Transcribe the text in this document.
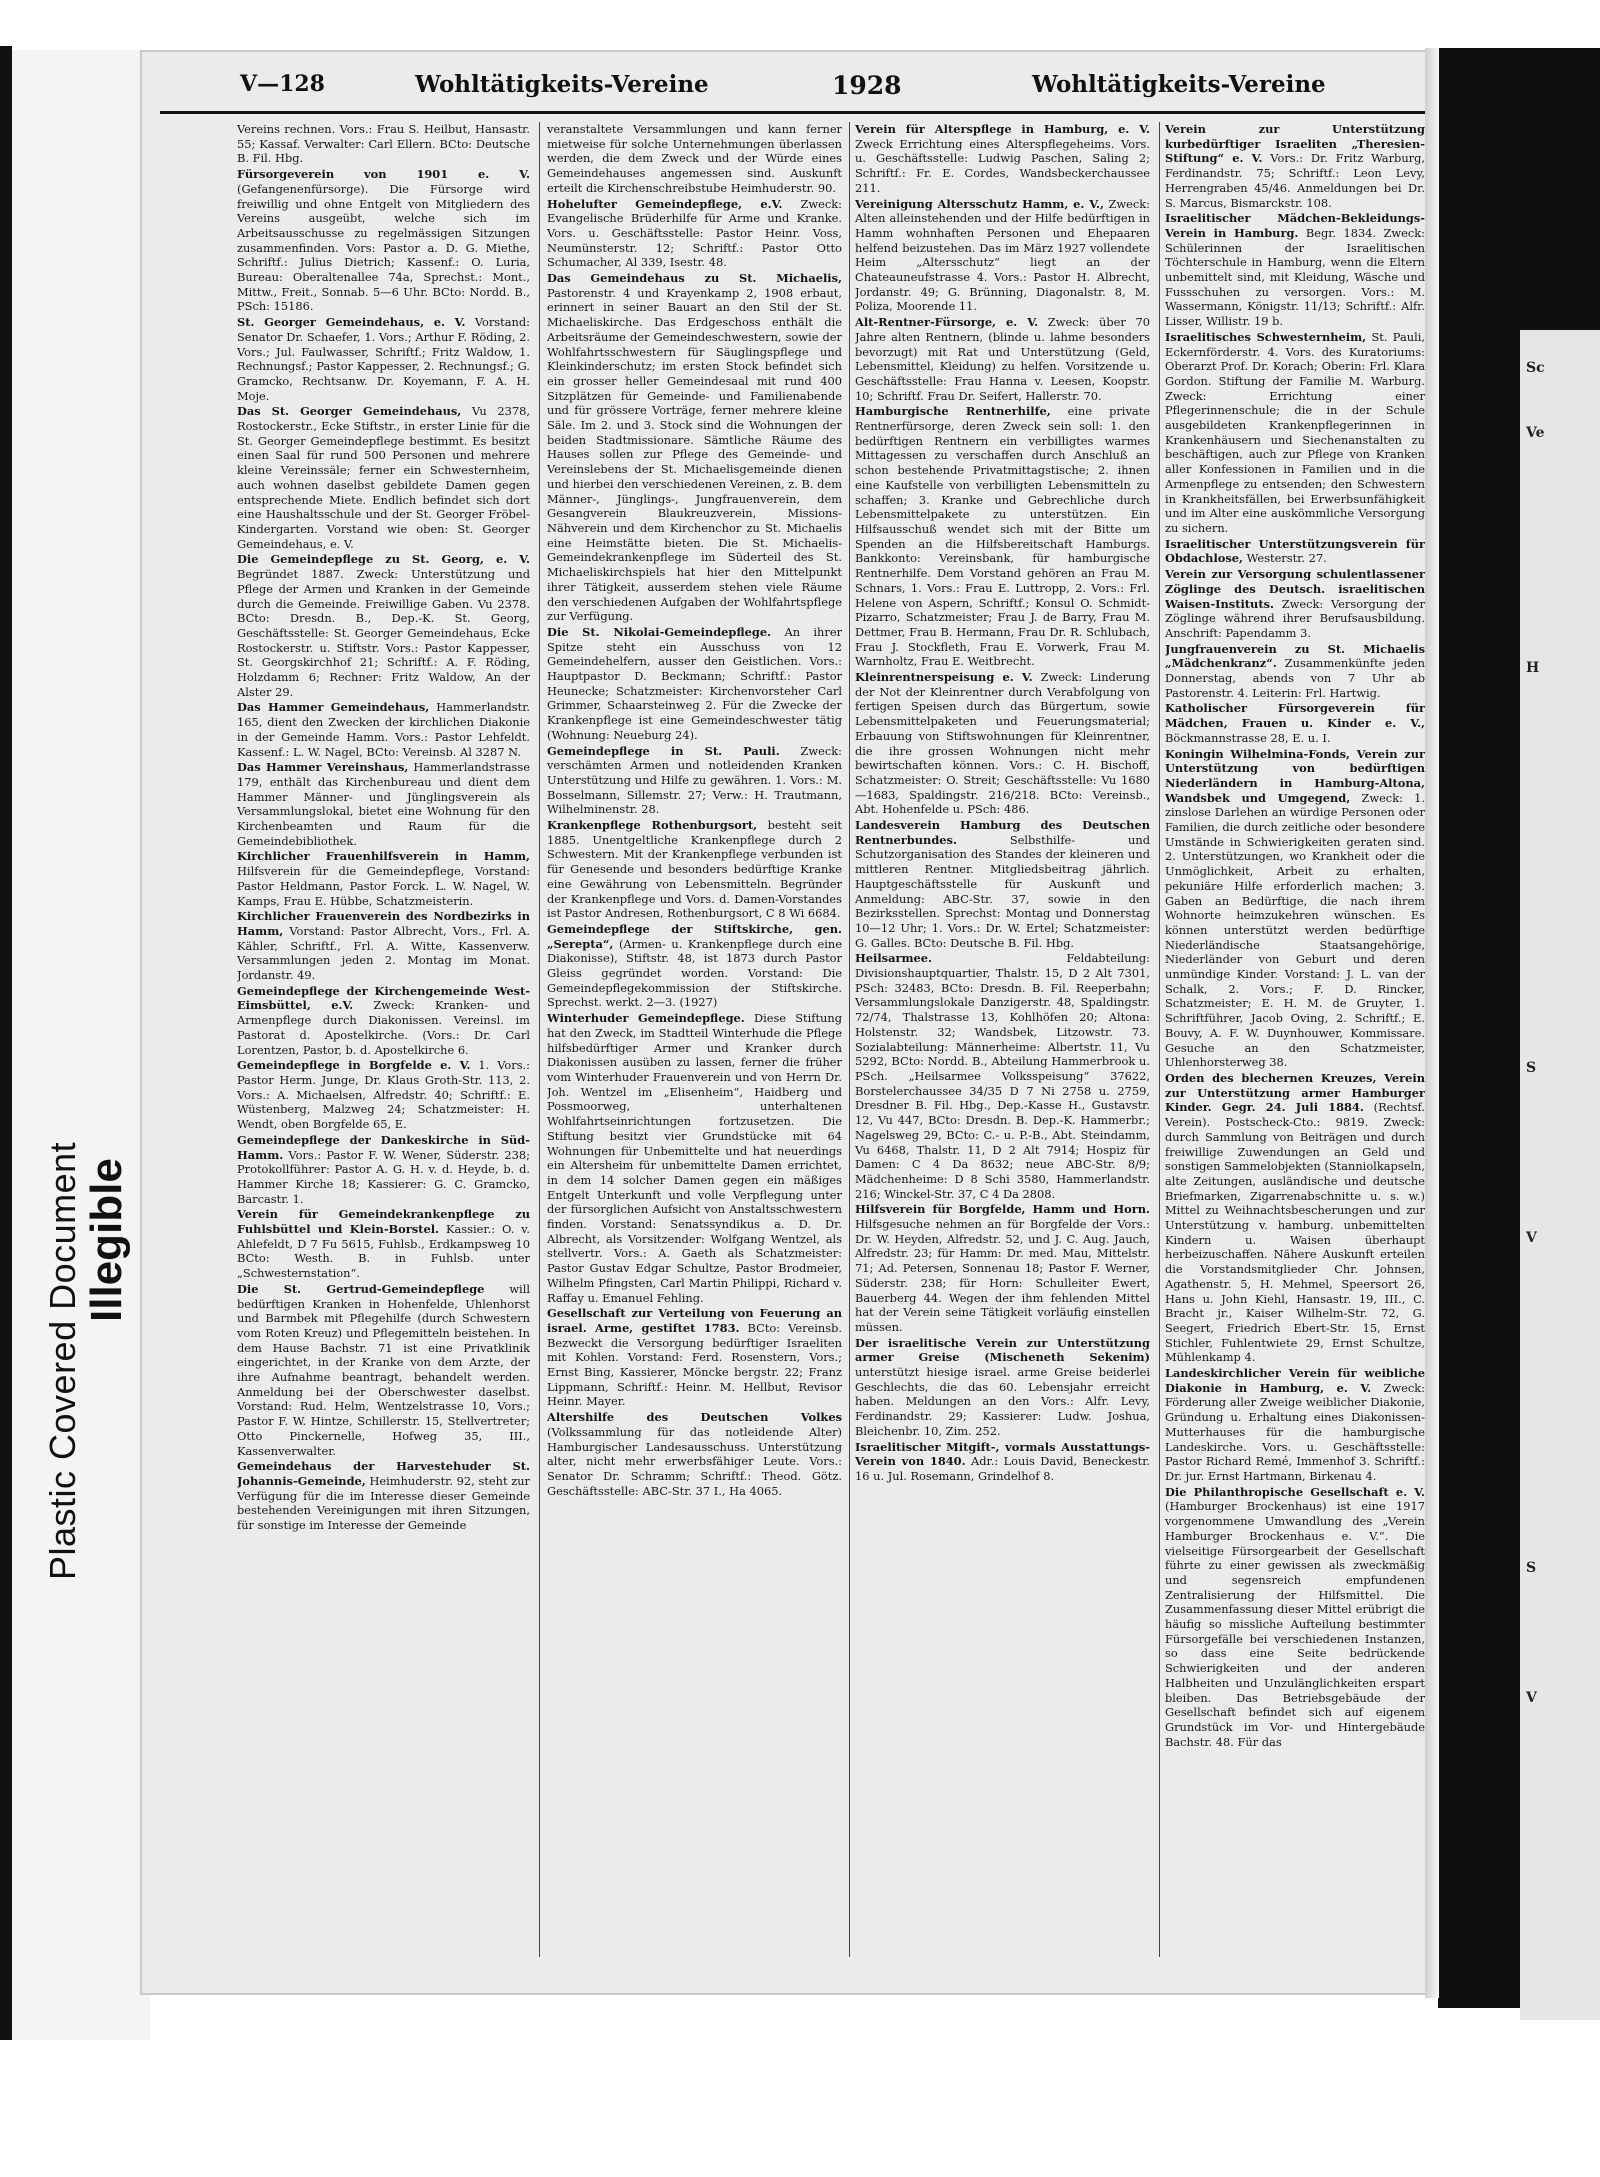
Plastic Covered Document Illegible
Sc
Ve
H
S
V
S
V
V—128	Wohltätigkeits-Vereine	1928	Wohltätigkeits-Vereine

Vereins rechnen. Vors.: Frau S. Heilbut, Hansastr. 55; Kassaf. Verwalter: Carl Ellern. BCto: Deutsche B. Fil. Hbg.

Fürsorgeverein von 1901 e. V. (Gefangenenfürsorge). Die Fürsorge wird freiwillig und ohne Entgelt von Mitgliedern des Vereins ausgeübt, welche sich im Arbeitsausschusse zu regelmässigen Sitzungen zusammenfinden. Vors: Pastor a. D. G. Miethe, Schriftf.: Julius Dietrich; Kassenf.: O. Luria, Bureau: Oberaltenallee 74a, Sprechst.: Mont., Mittw., Freit., Sonnab. 5—6 Uhr. BCto: Nordd. B., PSch: 15186.

St. Georger Gemeindehaus, e. V. Vorstand: Senator Dr. Schaefer, 1. Vors.; Arthur F. Röding, 2. Vors.; Jul. Faulwasser, Schriftf.; Fritz Waldow, 1. Rechnungsf.; Pastor Kappesser, 2. Rechnungsf.; G. Gramcko, Rechtsanw. Dr. Koyemann, F. A. H. Moje.

Das St. Georger Gemeindehaus, Vu 2378, Rostockerstr., Ecke Stiftstr., in erster Linie für die St. Georger Gemeindepflege bestimmt. Es besitzt einen Saal für rund 500 Personen und mehrere kleine Vereinssäle; ferner ein Schwesternheim, auch wohnen daselbst gebildete Damen gegen entsprechende Miete. Endlich befindet sich dort eine Haushaltsschule und der St. Georger Fröbel-Kindergarten. Vorstand wie oben: St. Georger Gemeindehaus, e. V.

Die Gemeindepflege zu St. Georg, e. V. Begründet 1887. Zweck: Unterstützung und Pflege der Armen und Kranken in der Gemeinde durch die Gemeinde. Freiwillige Gaben. Vu 2378. BCto: Dresdn. B., Dep.-K. St. Georg, Geschäftsstelle: St. Georger Gemeindehaus, Ecke Rostockerstr. u. Stiftstr. Vors.: Pastor Kappesser, St. Georgskirchhof 21; Schriftf.: A. F. Röding, Holzdamm 6; Rechner: Fritz Waldow, An der Alster 29.

Das Hammer Gemeindehaus, Hammerlandstr. 165, dient den Zwecken der kirchlichen Diakonie in der Gemeinde Hamm. Vors.: Pastor Lehfeldt. Kassenf.: L. W. Nagel, BCto: Vereinsb. Al 3287 N.

Das Hammer Vereinshaus, Hammerlandstrasse 179, enthält das Kirchenbureau und dient dem Hammer Männer- und Jünglingsverein als Versammlungslokal, bietet eine Wohnung für den Kirchenbeamten und Raum für die Gemeindebibliothek.

Kirchlicher Frauenhilfsverein in Hamm, Hilfsverein für die Gemeindepflege, Vorstand: Pastor Heldmann, Pastor Forck. L. W. Nagel, W. Kamps, Frau E. Hübbe, Schatzmeisterin.

Kirchlicher Frauenverein des Nordbezirks in Hamm, Vorstand: Pastor Albrecht, Vors., Frl. A. Kähler, Schriftf., Frl. A. Witte, Kassenverw. Versammlungen jeden 2. Montag im Monat. Jordanstr. 49.

Gemeindepflege der Kirchengemeinde West-Eimsbüttel, e.V. Zweck: Kranken- und Armenpflege durch Diakonissen. Vereinsl. im Pastorat d. Apostelkirche. (Vors.: Dr. Carl Lorentzen, Pastor, b. d. Apostelkirche 6.

Gemeindepflege in Borgfelde e. V. 1. Vors.: Pastor Herm. Junge, Dr. Klaus Groth-Str. 113, 2. Vors.: A. Michaelsen, Alfredstr. 40; Schriftf.: E. Wüstenberg, Malzweg 24; Schatzmeister: H. Wendt, oben Borgfelde 65, E.

Gemeindepflege der Dankeskirche in Süd-Hamm. Vors.: Pastor F. W. Wener, Süderstr. 238; Protokollführer: Pastor A. G. H. v. d. Heyde, b. d. Hammer Kirche 18; Kassierer: G. C. Gramcko, Barcastr. 1.

Verein für Gemeindekrankenpflege zu Fuhlsbüttel und Klein-Borstel. Kassier.: O. v. Ahlefeldt, D 7 Fu 5615, Fuhlsb., Erdkampsweg 10 BCto: Westh. B. in Fuhlsb. unter „Schwesternstation“.

Die St. Gertrud-Gemeindepflege will bedürftigen Kranken in Hohenfelde, Uhlenhorst und Barmbek mit Pflegehilfe (durch Schwestern vom Roten Kreuz) und Pflegemitteln beistehen. In dem Hause Bachstr. 71 ist eine Privatklinik eingerichtet, in der Kranke von dem Arzte, der ihre Aufnahme beantragt, behandelt werden. Anmeldung bei der Oberschwester daselbst. Vorstand: Rud. Helm, Wentzelstrasse 10, Vors.; Pastor F. W. Hintze, Schillerstr. 15, Stellvertreter; Otto Pinckernelle, Hofweg 35, III., Kassenverwalter.

Gemeindehaus der Harvestehuder St. Johannis-Gemeinde, Heimhuderstr. 92, steht zur Verfügung für die im Interesse dieser Gemeinde bestehenden Vereinigungen mit ihren Sitzungen, für sonstige im Interesse der Gemeinde

veranstaltete Versammlungen und kann ferner mietweise für solche Unternehmungen überlassen werden, die dem Zweck und der Würde eines Gemeindehauses angemessen sind. Auskunft erteilt die Kirchenschreibstube Heimhuderstr. 90.

Hohelufter Gemeindepflege, e.V. Zweck: Evangelische Brüderhilfe für Arme und Kranke. Vors. u. Geschäftsstelle: Pastor Heinr. Voss, Neumünsterstr. 12; Schriftf.: Pastor Otto Schumacher, Al 339, Isestr. 48.

Das Gemeindehaus zu St. Michaelis, Pastorenstr. 4 und Krayenkamp 2, 1908 erbaut, erinnert in seiner Bauart an den Stil der St. Michaeliskirche. Das Erdgeschoss enthält die Arbeitsräume der Gemeindeschwestern, sowie der Wohlfahrtsschwestern für Säuglingspflege und Kleinkinderschutz; im ersten Stock befindet sich ein grosser heller Gemeindesaal mit rund 400 Sitzplätzen für Gemeinde- und Familienabende und für grössere Vorträge, ferner mehrere kleine Säle. Im 2. und 3. Stock sind die Wohnungen der beiden Stadtmissionare. Sämtliche Räume des Hauses sollen zur Pflege des Gemeinde- und Vereinslebens der St. Michaelisgemeinde dienen und hierbei den verschiedenen Vereinen, z. B. dem Männer-, Jünglings-, Jungfrauenverein, dem Gesangverein Blaukreuzverein, Missions-Nähverein und dem Kirchenchor zu St. Michaelis eine Heimstätte bieten. Die St. Michaelis-Gemeindekrankenpflege im Süderteil des St. Michaeliskirchspiels hat hier den Mittelpunkt ihrer Tätigkeit, ausserdem stehen viele Räume den verschiedenen Aufgaben der Wohlfahrtspflege zur Verfügung.

Die St. Nikolai-Gemeindepflege. An ihrer Spitze steht ein Ausschuss von 12 Gemeindehelfern, ausser den Geistlichen. Vors.: Hauptpastor D. Beckmann; Schriftf.: Pastor Heunecke; Schatzmeister: Kirchenvorsteher Carl Grimmer, Schaarsteinweg 2. Für die Zwecke der Krankenpflege ist eine Gemeindeschwester tätig (Wohnung: Neueburg 24).

Gemeindepflege in St. Pauli. Zweck: verschämten Armen und notleidenden Kranken Unterstützung und Hilfe zu gewähren. 1. Vors.: M. Bosselmann, Sillemstr. 27; Verw.: H. Trautmann, Wilhelminenstr. 28.

Krankenpflege Rothenburgsort, besteht seit 1885. Unentgeltliche Krankenpflege durch 2 Schwestern. Mit der Krankenpflege verbunden ist für Genesende und besonders bedürftige Kranke eine Gewährung von Lebensmitteln. Begründer der Krankenpflege und Vors. d. Damen-Vorstandes ist Pastor Andresen, Rothenburgsort, C 8 Wi 6684.

Gemeindepflege der Stiftskirche, gen. „Serepta“, (Armen- u. Krankenpflege durch eine Diakonisse), Stiftstr. 48, ist 1873 durch Pastor Gleiss gegründet worden. Vorstand: Die Gemeindepflegekommission der Stiftskirche. Sprechst. werkt. 2—3. (1927)

Winterhuder Gemeindepflege. Diese Stiftung hat den Zweck, im Stadtteil Winterhude die Pflege hilfsbedürftiger Armer und Kranker durch Diakonissen ausüben zu lassen, ferner die früher vom Winterhuder Frauenverein und von Herrn Dr. Joh. Wentzel im „Elisenheim“, Haidberg und Possmoorweg, unterhaltenen Wohlfahrtseinrichtungen fortzusetzen. Die Stiftung besitzt vier Grundstücke mit 64 Wohnungen für Unbemittelte und hat neuerdings ein Altersheim für unbemittelte Damen errichtet, in dem 14 solcher Damen gegen ein mäßiges Entgelt Unterkunft und volle Verpflegung unter der fürsorglichen Aufsicht von Anstaltsschwestern finden. Vorstand: Senatssyndikus a. D. Dr. Albrecht, als Vorsitzender: Wolfgang Wentzel, als stellvertr. Vors.: A. Gaeth als Schatzmeister: Pastor Gustav Edgar Schultze, Pastor Brodmeier, Wilhelm Pfingsten, Carl Martin Philippi, Richard v. Raffay u. Emanuel Fehling.

Gesellschaft zur Verteilung von Feuerung an israel. Arme, gestiftet 1783. BCto: Vereinsb. Bezweckt die Versorgung bedürftiger Israeliten mit Kohlen. Vorstand: Ferd. Rosenstern, Vors.; Ernst Bing, Kassierer, Möncke bergstr. 22; Franz Lippmann, Schriftf.: Heinr. M. Hellbut, Revisor Heinr. Mayer.

Altershilfe des Deutschen Volkes (Volkssammlung für das notleidende Alter) Hamburgischer Landesausschuss. Unterstützung alter, nicht mehr erwerbsfähiger Leute. Vors.: Senator Dr. Schramm; Schriftf.: Theod. Götz. Geschäftsstelle: ABC-Str. 37 I., Ha 4065.

Verein für Alterspflege in Hamburg, e. V. Zweck Errichtung eines Alterspflegeheims. Vors. u. Geschäftsstelle: Ludwig Paschen, Saling 2; Schriftf.: Fr. E. Cordes, Wandsbeckerchaussee 211.

Vereinigung Altersschutz Hamm, e. V., Zweck: Alten alleinstehenden und der Hilfe bedürftigen in Hamm wohnhaften Personen und Ehepaaren helfend beizustehen. Das im März 1927 vollendete Heim „Altersschutz“ liegt an der Chateauneufstrasse 4. Vors.: Pastor H. Albrecht, Jordanstr. 49; G. Brünning, Diagonalstr. 8, M. Poliza, Moorende 11.

Alt-Rentner-Fürsorge, e. V. Zweck: über 70 Jahre alten Rentnern, (blinde u. lahme besonders bevorzugt) mit Rat und Unterstützung (Geld, Lebensmittel, Kleidung) zu helfen. Vorsitzende u. Geschäftsstelle: Frau Hanna v. Leesen, Koopstr. 10; Schriftf. Frau Dr. Seifert, Hallerstr. 70.

Hamburgische Rentnerhilfe, eine private Rentnerfürsorge, deren Zweck sein soll: 1. den bedürftigen Rentnern ein verbilligtes warmes Mittagessen zu verschaffen durch Anschluß an schon bestehende Privatmittagstische; 2. ihnen eine Kaufstelle von verbilligten Lebensmitteln zu schaffen; 3. Kranke und Gebrechliche durch Lebensmittelpakete zu unterstützen. Ein Hilfsausschuß wendet sich mit der Bitte um Spenden an die Hilfsbereitschaft Hamburgs. Bankkonto: Vereinsbank, für hamburgische Rentnerhilfe. Dem Vorstand gehören an Frau M. Schnars, 1. Vors.: Frau E. Luttropp, 2. Vors.: Frl. Helene von Aspern, Schriftf.; Konsul O. Schmidt-Pizarro, Schatzmeister; Frau J. de Barry, Frau M. Dettmer, Frau B. Hermann, Frau Dr. R. Schlubach, Frau J. Stockfleth, Frau E. Vorwerk, Frau M. Warnholtz, Frau E. Weitbrecht.

Kleinrentnerspeisung e. V. Zweck: Linderung der Not der Kleinrentner durch Verabfolgung von fertigen Speisen durch das Bürgertum, sowie Lebensmittelpaketen und Feuerungsmaterial; Erbauung von Stiftswohnungen für Kleinrentner, die ihre grossen Wohnungen nicht mehr bewirtschaften können. Vors.: C. H. Bischoff, Schatzmeister: O. Streit; Geschäftsstelle: Vu 1680—1683, Spaldingstr. 216/218. BCto: Vereinsb., Abt. Hohenfelde u. PSch: 486.

Landesverein Hamburg des Deutschen Rentnerbundes.	Selbsthilfe- und Schutzorganisation des Standes der kleineren und mittleren Rentner. Mitgliedsbeitrag jährlich. Hauptgeschäftsstelle für Auskunft und Anmeldung: ABC-Str. 37, sowie in den Bezirksstellen. Sprechst: Montag und Donnerstag 10—12 Uhr; 1. Vors.: Dr. W. Ertel; Schatzmeister: G. Galles. BCto: Deutsche B. Fil. Hbg.

Heilsarmee.	Feldabteilung: Divisionshauptquartier, Thalstr. 15, D 2 Alt 7301, PSch: 32483, BCto: Dresdn. B. Fil. Reeperbahn; Versammlungslokale Danzigerstr. 48, Spaldingstr. 72/74, Thalstrasse 13, Kohlhöfen 20; Altona: Holstenstr. 32; Wandsbek, Litzowstr. 73. Sozialabteilung: Männerheime: Albertstr. 11, Vu 5292, BCto: Nordd. B., Abteilung Hammerbrook u. PSch. „Heilsarmee Volksspeisung“ 37622, Borstelerchaussee 34/35 D 7 Ni 2758 u. 2759, Dresdner B. Fil. Hbg., Dep.-Kasse H., Gustavstr. 12, Vu 447, BCto: Dresdn. B. Dep.-K. Hammerbr.; Nagelsweg 29, BCto: C.- u. P.-B., Abt. Steindamm, Vu 6468, Thalstr. 11, D 2 Alt 7914; Hospiz für Damen: C 4 Da 8632; neue ABC-Str. 8/9; Mädchenheime: D 8 Schi 3580, Hammerlandstr. 216; Winckel-Str. 37, C 4 Da 2808.

Hilfsverein für Borgfelde, Hamm und Horn. Hilfsgesuche nehmen an für Borgfelde der Vors.: Dr. W. Heyden, Alfredstr. 52, und J. C. Aug. Jauch, Alfredstr. 23; für Hamm: Dr. med. Mau, Mittelstr. 71; Ad. Petersen, Sonnenau 18; Pastor F. Werner, Süderstr. 238; für Horn: Schulleiter Ewert, Bauerberg 44. Wegen der ihm fehlenden Mittel hat der Verein seine Tätigkeit vorläufig einstellen müssen.

Der israelitische Verein zur Unterstützung armer Greise (Mischeneth Sekenim) unterstützt hiesige israel. arme Greise beiderlei Geschlechts, die das 60. Lebensjahr erreicht haben. Meldungen an den Vors.: Alfr. Levy, Ferdinandstr. 29; Kassierer: Ludw. Joshua, Bleichenbr. 10, Zim. 252.

Israelitischer Mitgift-, vormals Ausstattungs-Verein von 1840. Adr.: Louis David, Beneckestr. 16 u. Jul. Rosemann, Grindelhof 8.

Verein zur Unterstützung kurbedürftiger Israeliten „Theresien-Stiftung“ e. V. Vors.: Dr. Fritz Warburg, Ferdinandstr. 75; Schriftf.: Leon Levy, Herrengraben 45/46. Anmeldungen bei Dr. S. Marcus, Bismarckstr. 108.

Israelitischer Mädchen-Bekleidungs-Verein in Hamburg. Begr. 1834. Zweck: Schülerinnen der Israelitischen Töchterschule in Hamburg, wenn die Eltern unbemittelt sind, mit Kleidung, Wäsche und Fussschuhen zu versorgen. Vors.: M. Wassermann, Königstr. 11/13; Schriftf.: Alfr. Lisser, Willistr. 19 b.

Israelitisches Schwesternheim, St. Pauli, Eckernförderstr. 4. Vors. des Kuratoriums: Oberarzt Prof. Dr. Korach; Oberin: Frl. Klara Gordon. Stiftung der Familie M. Warburg. Zweck: Errichtung einer Pflegerinnenschule; die in der Schule ausgebildeten Krankenpflegerinnen in Krankenhäusern und Siechenanstalten zu beschäftigen, auch zur Pflege von Kranken aller Konfessionen in Familien und in die Armenpflege zu entsenden; den Schwestern in Krankheitsfällen, bei Erwerbsunfähigkeit und im Alter eine auskömmliche Versorgung zu sichern.

Israelitischer Unterstützungsverein für Obdachlose, Westerstr. 27.

Verein zur Versorgung schulentlassener Zöglinge des Deutsch. israelitischen Waisen-Instituts. Zweck: Versorgung der Zöglinge während ihrer Berufsausbildung. Anschrift: Papendamm 3.

Jungfrauenverein zu St. Michaelis „Mädchenkranz“. Zusammenkünfte jeden Donnerstag, abends von 7 Uhr ab Pastorenstr. 4. Leiterin: Frl. Hartwig.

Katholischer Fürsorgeverein für Mädchen, Frauen u. Kinder e. V., Böckmannstrasse 28, E. u. I.

Koningin Wilhelmina-Fonds, Verein zur Unterstützung von bedürftigen Niederländern in Hamburg-Altona, Wandsbek und Umgegend, Zweck: 1. zinslose Darlehen an würdige Personen oder Familien, die durch zeitliche oder besondere Umstände in Schwierigkeiten geraten sind. 2. Unterstützungen, wo Krankheit oder die Unmöglichkeit, Arbeit zu erhalten, pekuniäre Hilfe erforderlich machen; 3. Gaben an Bedürftige, die nach ihrem Wohnorte heimzukehren wünschen. Es können unterstützt werden bedürftige Niederländische Staatsangehörige, Niederländer von Geburt und deren unmündige Kinder. Vorstand: J. L. van der Schalk, 2. Vors.; F. D. Rincker, Schatzmeister; E. H. M. de Gruyter, 1. Schriftführer, Jacob Oving, 2. Schriftf.; E. Bouvy, A. F. W. Duynhouwer, Kommissare. Gesuche an den Schatzmeister, Uhlenhorsterweg 38.

Orden des blechernen Kreuzes, Verein zur Unterstützung armer Hamburger Kinder. Gegr. 24. Juli 1884. (Rechtsf. Verein). Postscheck-Cto.: 9819. Zweck: durch Sammlung von Beiträgen und durch freiwillige Zuwendungen an Geld und sonstigen Sammelobjekten (Stanniolkapseln, alte Zeitungen, ausländische und deutsche Briefmarken, Zigarrenabschnitte u. s. w.) Mittel zu Weihnachtsbescherungen und zur Unterstützung v. hamburg. unbemittelten Kindern u. Waisen überhaupt herbeizuschaffen. Nähere Auskunft erteilen die Vorstandsmitglieder Chr. Johnsen, Agathenstr. 5, H. Mehmel, Speersort 26, Hans u. John Kiehl, Hansastr. 19, III., C. Bracht jr., Kaiser Wilhelm-Str. 72, G. Seegert, Friedrich Ebert-Str. 15, Ernst Stichler, Fuhlentwiete 29, Ernst Schultze, Mühlenkamp 4.

Landeskirchlicher Verein für weibliche Diakonie in Hamburg, e. V. Zweck: Förderung aller Zweige weiblicher Diakonie, Gründung u. Erhaltung eines Diakonissen-Mutterhauses für die hamburgische Landeskirche. Vors. u. Geschäftsstelle: Pastor Richard Remé, Immenhof 3. Schriftf.: Dr. jur. Ernst Hartmann, Birkenau 4.

Die Philanthropische Gesellschaft e. V. (Hamburger Brockenhaus) ist eine 1917 vorgenommene Umwandlung des „Verein Hamburger Brockenhaus e. V.“. Die vielseitige Fürsorgearbeit der Gesellschaft führte zu einer gewissen als zweckmäßig und segensreich empfundenen Zentralisierung der Hilfsmittel. Die Zusammenfassung dieser Mittel erübrigt die häufig so missliche Aufteilung bestimmter Fürsorgefälle bei verschiedenen Instanzen, so dass eine Seite bedrückende Schwierigkeiten und der anderen Halbheiten und Unzulänglichkeiten erspart bleiben. Das Betriebsgebäude der Gesellschaft befindet sich auf eigenem Grundstück im Vor- und Hintergebäude Bachstr. 48. Für das
